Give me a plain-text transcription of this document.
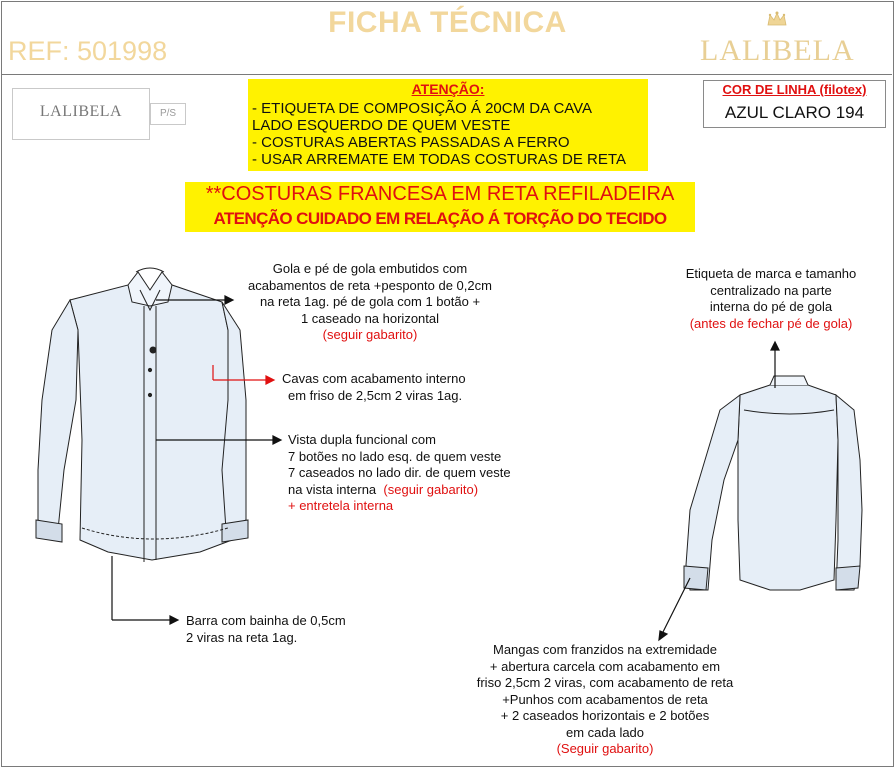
FICHA TÉCNICA
REF: 501998	LALIBELA
LALIBELA	P/S
ATENÇÃO:
- ETIQUETA DE COMPOSIÇÃO Á 20CM DA CAVA
LADO ESQUERDO DE QUEM VESTE
- COSTURAS ABERTAS PASSADAS A FERRO
- USAR ARREMATE EM TODAS COSTURAS DE RETA
COR DE LINHA (filotex)
AZUL CLARO 194
**COSTURAS FRANCESA EM RETA REFILADEIRA
ATENÇÃO CUIDADO EM RELAÇÃO Á TORÇÃO DO TECIDO
Gola e pé de gola embutidos com
acabamentos de reta +pesponto de 0,2cm
na reta 1ag. pé de gola com 1 botão +
1 caseado na horizontal
(seguir gabarito)
Cavas com acabamento interno
em friso de 2,5cm 2 viras 1ag.
Vista dupla funcional com
7 botões no lado esq. de quem veste
7 caseados no lado dir. de quem veste
na vista interna (seguir gabarito)
+ entretela interna
Barra com bainha de 0,5cm
2 viras na reta 1ag.
Etiqueta de marca e tamanho
centralizado na parte
interna do pé de gola
(antes de fechar pé de gola)
Mangas com franzidos na extremidade
+ abertura carcela com acabamento em
friso 2,5cm 2 viras, com acabamento de reta
+Punhos com acabamentos de reta
+ 2 caseados horizontais e 2 botões
em cada lado
(Seguir gabarito)
